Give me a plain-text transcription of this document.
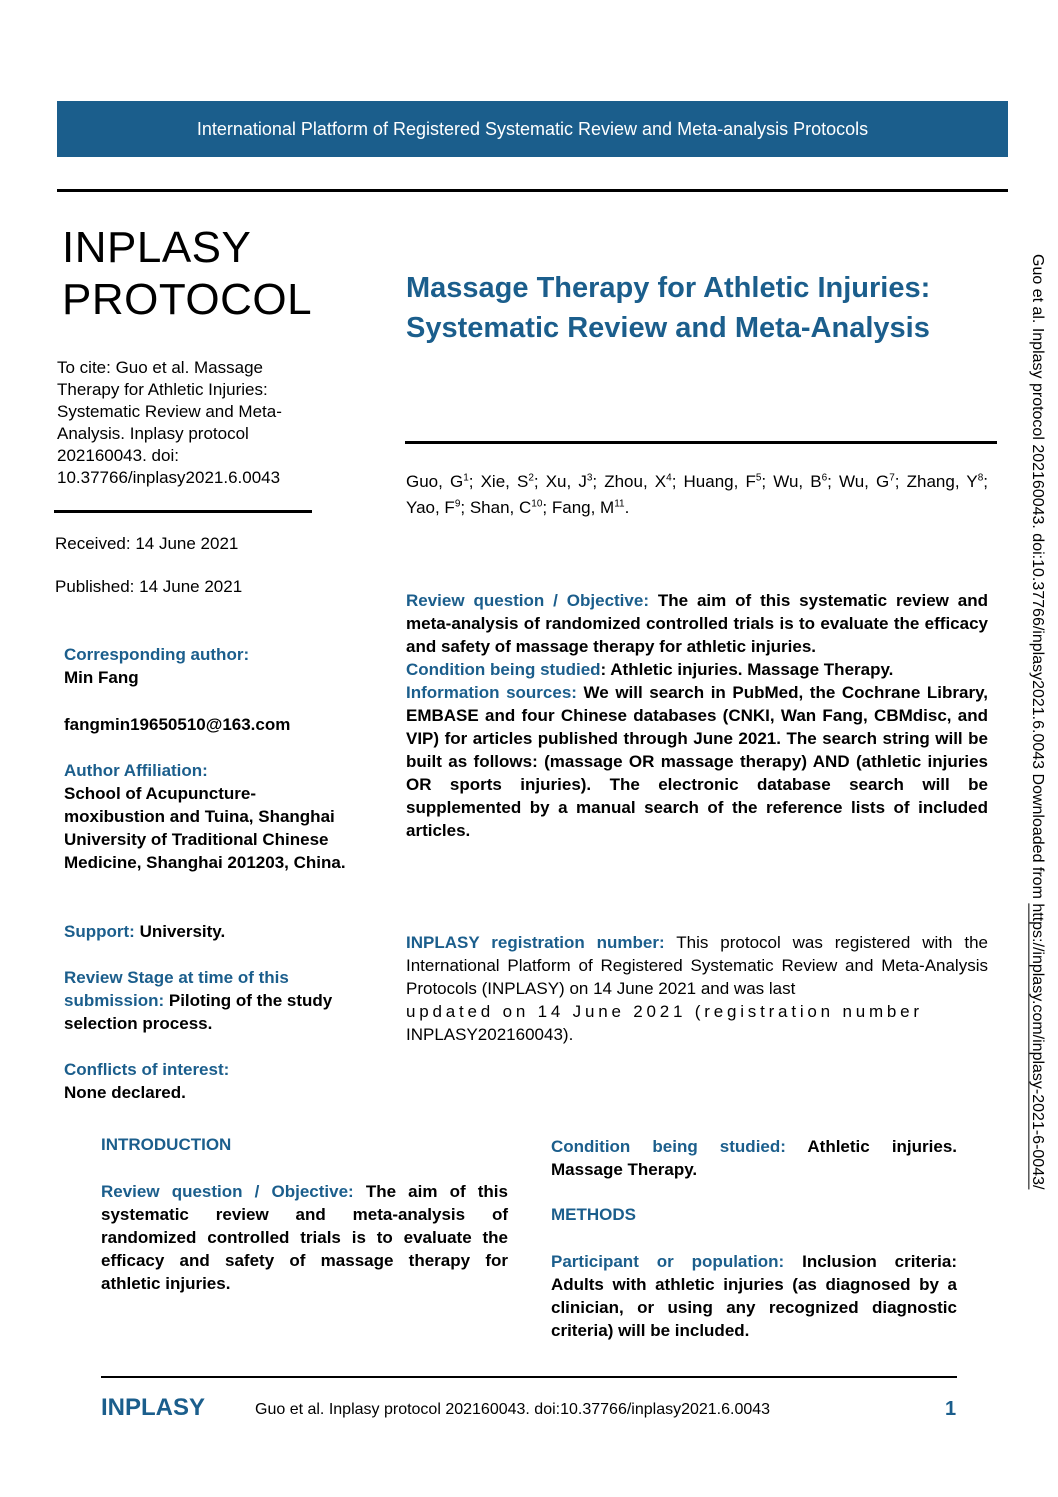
International Platform of Registered Systematic Review and Meta-analysis Protocols
INPLASY
PROTOCOL
To cite: Guo et al. Massage Therapy for Athletic Injuries: Systematic Review and Meta-Analysis. Inplasy protocol 202160043. doi: 10.37766/inplasy2021.6.0043
Received: 14 June 2021
Published: 14 June 2021
Corresponding author:
Min Fang
fangmin19650510@163.com
Author Affiliation:
School of Acupuncture-moxibustion and Tuina, Shanghai University of Traditional Chinese Medicine, Shanghai 201203, China.
Support: University.
Review Stage at time of this submission: Piloting of the study selection process.
Conflicts of interest:
None declared.
Massage Therapy for Athletic Injuries: Systematic Review and Meta-Analysis
Guo, $G^1$; Xie, $S^2$; Xu, $J^3$; Zhou, $X^4$; Huang, $F^5$; Wu, $B^6$; Wu, $G^7$; Zhang, $Y^8$; Yao, $F^9$; Shan, $C^{10}$; Fang, $M^{11}$.
Review question / Objective: The aim of this systematic review and meta-analysis of randomized controlled trials is to evaluate the efficacy and safety of massage therapy for athletic injuries.
Condition being studied: Athletic injuries. Massage Therapy.
Information sources: We will search in PubMed, the Cochrane Library, EMBASE and four Chinese databases (CNKI, Wan Fang, CBMdisc, and VIP) for articles published through June 2021. The search string will be built as follows: (massage OR massage therapy) AND (athletic injuries OR sports injuries). The electronic database search will be supplemented by a manual search of the reference lists of included articles.
INPLASY registration number: This protocol was registered with the International Platform of Registered Systematic Review and Meta-Analysis Protocols (INPLASY) on 14 June 2021 and was last
updated on 14 June 2021 (registration number
INPLASY202160043).
INTRODUCTION
Review question / Objective: The aim of this systematic review and meta-analysis of randomized controlled trials is to evaluate the efficacy and safety of massage therapy for athletic injuries.
Condition being studied: Athletic injuries. Massage Therapy.
METHODS
Participant or population: Inclusion criteria: Adults with athletic injuries (as diagnosed by a clinician, or using any recognized diagnostic criteria) will be included.
INPLASY	Guo et al. Inplasy protocol 202160043. doi:10.37766/inplasy2021.6.0043	1
Guo et al. Inplasy protocol 202160043. doi:10.37766/inplasy2021.6.0043 Downloaded from https://inplasy.com/inplasy-2021-6-0043/
